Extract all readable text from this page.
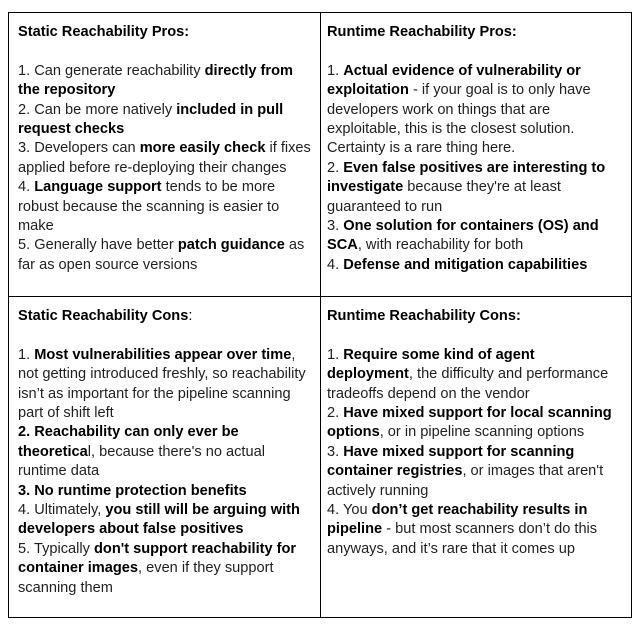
Static Reachability Pros:

1. Can generate reachability directly from the repository

2. Can be more natively included in pull request checks

3. Developers can more easily check if fixes applied before re-deploying their changes

4. Language support tends to be more robust because the scanning is easier to make

5. Generally have better patch guidance as far as open source versions

Runtime Reachability Pros:

1. Actual evidence of vulnerability or exploitation - if your goal is to only have developers work on things that are exploitable, this is the closest solution. Certainty is a rare thing here.

2. Even false positives are interesting to investigate because they're at least guaranteed to run

3. One solution for containers (OS) and SCA, with reachability for both

4. Defense and mitigation capabilities

Static Reachability Cons:

1. Most vulnerabilities appear over time, not getting introduced freshly, so reachability isn’t as important for the pipeline scanning part of shift left

2. Reachability can only ever be theoretical, because there's no actual runtime data

3. No runtime protection benefits

4. Ultimately, you still will be arguing with developers about false positives

5. Typically don't support reachability for container images, even if they support scanning them

Runtime Reachability Cons:

1. Require some kind of agent deployment, the difficulty and performance tradeoffs depend on the vendor

2. Have mixed support for local scanning options, or in pipeline scanning options

3. Have mixed support for scanning container registries, or images that aren't actively running

4. You don’t get reachability results in pipeline - but most scanners don’t do this anyways, and it’s rare that it comes up
